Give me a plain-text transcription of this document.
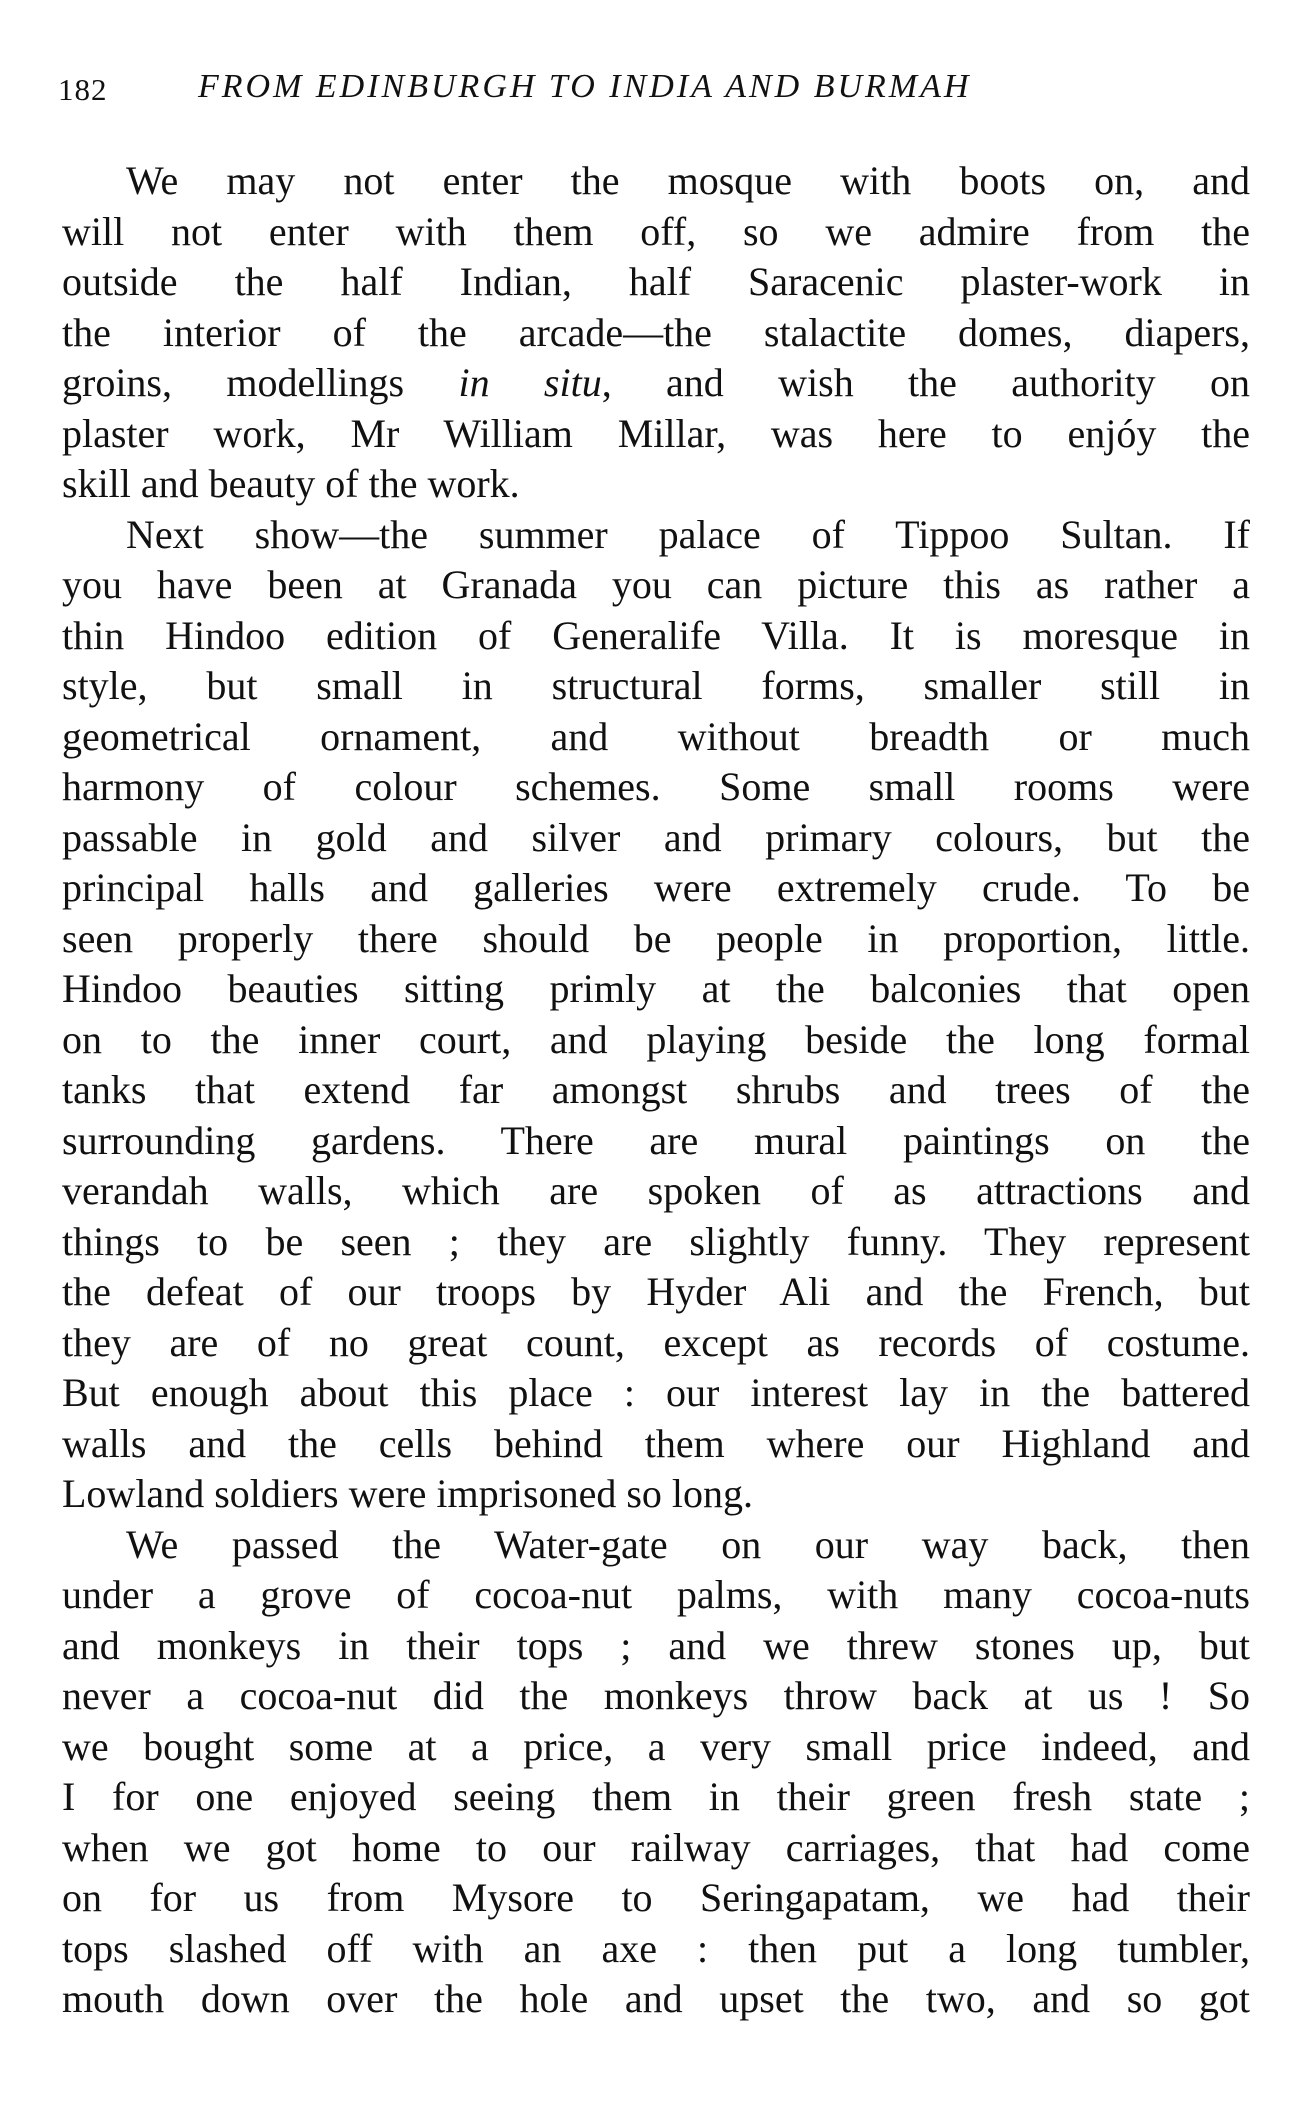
182	FROM EDINBURGH TO INDIA AND BURMAH
We may not enter the mosque with boots on, and
will not enter with them off, so we admire from the
outside the half Indian, half Saracenic plaster-work in
the interior of the arcade—the stalactite domes, diapers,
groins, modellings in situ, and wish the authority on
plaster work, Mr William Millar, was here to enjóy the
skill and beauty of the work.
Next show—the summer palace of Tippoo Sultan. If
you have been at Granada you can picture this as rather a
thin Hindoo edition of Generalife Villa. It is moresque in
style, but small in structural forms, smaller still in
geometrical ornament, and without breadth or much
harmony of colour schemes. Some small rooms were
passable in gold and silver and primary colours, but the
principal halls and galleries were extremely crude. To be
seen properly there should be people in proportion, little.
Hindoo beauties sitting primly at the balconies that open
on to the inner court, and playing beside the long formal
tanks that extend far amongst shrubs and trees of the
surrounding gardens. There are mural paintings on the
verandah walls, which are spoken of as attractions and
things to be seen ; they are slightly funny. They represent
the defeat of our troops by Hyder Ali and the French, but
they are of no great count, except as records of costume.
But enough about this place : our interest lay in the battered
walls and the cells behind them where our Highland and
Lowland soldiers were imprisoned so long.
We passed the Water-gate on our way back, then
under a grove of cocoa-nut palms, with many cocoa-nuts
and monkeys in their tops ; and we threw stones up, but
never a cocoa-nut did the monkeys throw back at us ! So
we bought some at a price, a very small price indeed, and
I for one enjoyed seeing them in their green fresh state ;
when we got home to our railway carriages, that had come
on for us from Mysore to Seringapatam, we had their
tops slashed off with an axe : then put a long tumbler,
mouth down over the hole and upset the two, and so got
